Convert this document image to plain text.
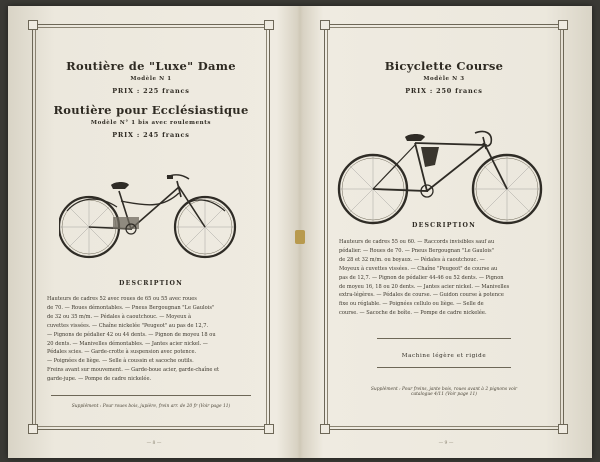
Routière de "Luxe" Dame
Modèle N 1
PRIX : 225 francs
Routière pour Ecclésiastique
Modèle N° 1 bis avec roulements
PRIX : 245 francs
DESCRIPTION
Hauteurs de cadres 52 avec roues de 65 ou 55 avec roues
de 70. — Roues démontables. — Pneus Bergougnan "Le Gaulois"
de 32 ou 35 m/m. — Pédales à caoutchouc. — Moyeux à
cuvettes vissées. — Chaîne nickelée "Peugeot" au pas de 12,7.
— Pignons de pédalier 42 ou 44 dents. — Pignon de moyeu 18 ou
20 dents. — Manivelles démontables. — Jantes acier nickel. —
Pédales scies. — Garde-crotte à suspension avec potence.
— Poignées de liège. — Selle à coussin et sacoche outils.
Freins avant sur mouvement. — Garde-boue acier, garde-chaîne et
garde-jupe. — Pompe de cadre nickelée.
Supplément : Pour roues bois, jupière, frein arr. de 20 fr (Voir page 11)
— 8 —
Bicyclette Course
Modèle N 3
PRIX : 250 francs
DESCRIPTION
Hauteurs de cadres 55 ou 60. — Raccords invisibles sauf au
pédalier. — Roues de 70. — Pneus Bergougnan "Le Gaulois"
de 28 et 32 m/m. ou boyaux. — Pédales à caoutchouc. —
Moyeux à cuvettes vissées. — Chaîne "Peugeot" de course au
pas de 12,7. — Pignon de pédalier 44-46 ou 52 dents. — Pignon
de moyeu 16, 18 ou 20 dents. — Jantes acier nickel. — Manivelles
extra-légères. — Pédales de course. — Guidon course à potence
fixe ou réglable. — Poignées cellulo ou liège. — Selle de
course. — Sacoche de boîte. — Pompe de cadre nickelée.
Machine légère et rigide
Supplément : Pour freins, jante bois, roues avant à 2 pignons voir
catalogue 4/11 (Voir page 11)
— 9 —
